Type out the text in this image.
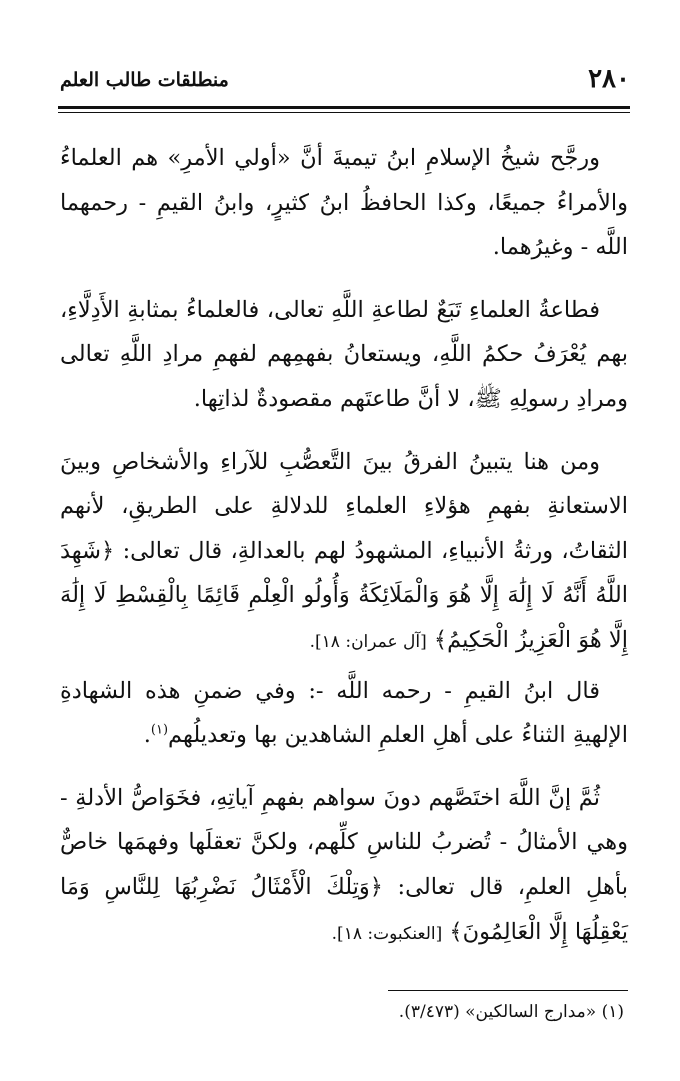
٢٨٠
منطلقات طالب العلم

ورجَّح شيخُ الإسلامِ ابنُ تيميةَ أنَّ «أولي الأمرِ» هم العلماءُ والأمراءُ جميعًا، وكذا الحافظُ ابنُ كثيرٍ، وابنُ القيمِ - رحمهما اللَّه - وغيرُهما.

فطاعةُ العلماءِ تَبَعٌ لطاعةِ اللَّهِ تعالى، فالعلماءُ بمثابةِ الأَدِلَّاءِ، بهم يُعْرَفُ حكمُ اللَّهِ، ويستعانُ بفهمِهم لفهمِ مرادِ اللَّهِ تعالى ومرادِ رسولِهِ ﷺ، لا أنَّ طاعتَهم مقصودةٌ لذاتِها.

ومن هنا يتبينُ الفرقُ بينَ التَّعصُّبِ للآراءِ والأشخاصِ وبينَ الاستعانةِ بفهمِ هؤلاءِ العلماءِ للدلالةِ على الطريقِ، لأنهم الثقاتُ، ورثةُ الأنبياءِ، المشهودُ لهم بالعدالةِ، قال تعالى: ﴿شَهِدَ اللَّهُ أَنَّهُ لَا إِلَٰهَ إِلَّا هُوَ وَالْمَلَائِكَةُ وَأُولُو الْعِلْمِ قَائِمًا بِالْقِسْطِ لَا إِلَٰهَ إِلَّا هُوَ الْعَزِيزُ الْحَكِيمُ﴾ [آل عمران: ١٨].

قال ابنُ القيمِ - رحمه اللَّه -: وفي ضمنِ هذه الشهادةِ الإلهيةِ الثناءُ على أهلِ العلمِ الشاهدين بها وتعديلُهم$^{(١)}$.

ثُمَّ إنَّ اللَّهَ اختَصَّهم دونَ سواهم بفهمِ آياتِهِ، فخَوَاصُّ الأدلةِ - وهي الأمثالُ - تُضربُ للناسِ كلِّهم، ولكنَّ تعقلَها وفهمَها خاصٌّ بأهلِ العلمِ، قال تعالى: ﴿وَتِلْكَ الْأَمْثَالُ نَضْرِبُهَا لِلنَّاسِ وَمَا يَعْقِلُهَا إِلَّا الْعَالِمُونَ﴾ [العنكبوت: ١٨].

(١) «مدارج السالكين» (٣/٤٧٣).
